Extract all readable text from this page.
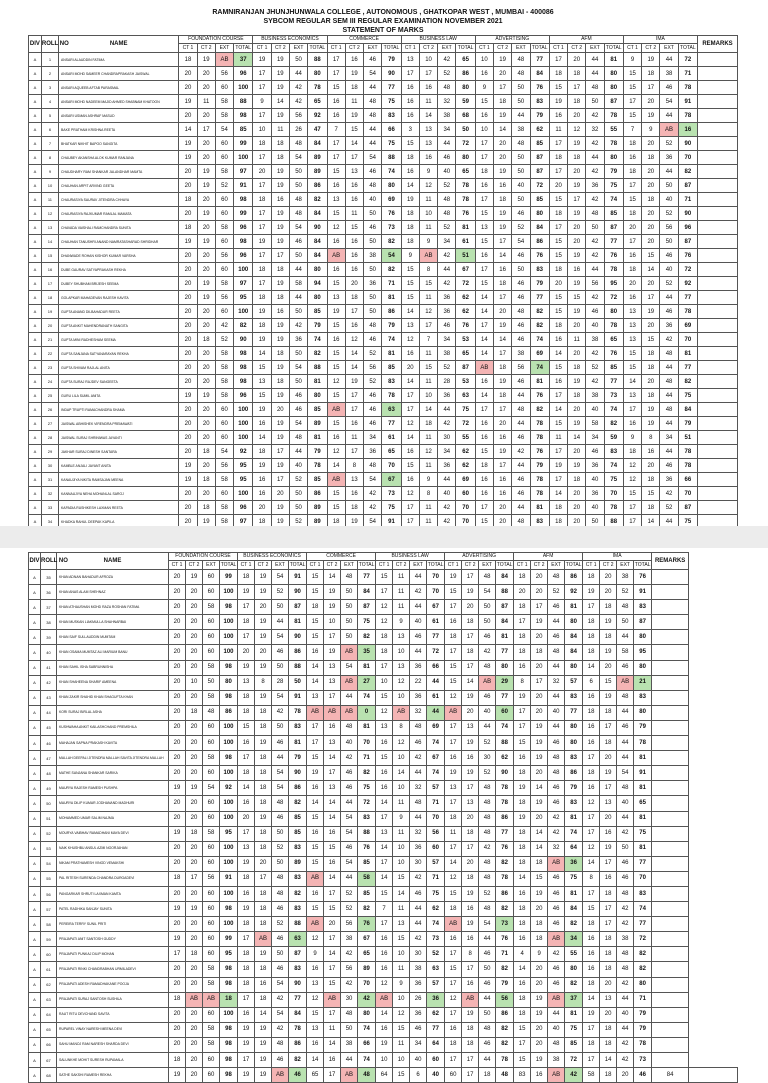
RAMNIRANJAN JHUNJHUNWALA COLLEGE , AUTONOMOUS , GHATKOPAR WEST , MUMBAI - 400086
SYBCOM REGULAR SEM III REGULAR EXAMINATION NOVEMBER 2021
STATEMENT OF MARKS
DIV	ROLL NO	NAME	FOUNDATION COURSE				BUSINESS ECONOMICS				COMMERCE				BUSINESS LAW				ADVERTISING				AFM				IMA				REMARKS
			CT 1	CT 2	EXT	TOTAL	CT 1	CT 2	EXT	TOTAL	CT 1	CT 2	EXT	TOTAL	CT 1	CT 2	EXT	TOTAL	CT 1	CT 2	EXT	TOTAL	CT 1	CT 2	EXT	TOTAL	CT 1	CT 2	EXT	TOTAL	
A	1	ANSARI ALAUDDIN FATIMA	18	19	AB	37	19	19	50	88	17	16	46	79	13	10	42	65	10	19	48	77	17	20	44	81	9	19	44	72	
A	2	ANSARI MOHD SAMEER CHANDRAPRAKASH JAISWAL	20	20	56	96	17	19	44	80	17	19	54	90	17	17	52	86	16	20	48	84	18	18	44	80	15	18	38	71	
A	3	ANSARI AQUEEB AFTAB PARASMAL	20	20	60	100	17	19	42	78	15	18	44	77	16	16	48	80	9	17	50	76	15	17	48	80	15	17	46	78	
A	4	ANSARI MOHD NADEEM MAJID AHMED SHABNAM KHATOON	19	11	58	88	9	14	42	65	16	11	48	75	16	11	32	59	15	18	50	83	19	18	50	87	17	20	54	91	
A	5	ANSARI USMAN ASHRAF MASUD	20	20	58	98	17	19	56	92	16	19	48	83	16	14	38	68	16	19	44	79	16	20	42	78	15	19	44	78	
A	6	BAKE PRATHAM KRISHNA REETA	14	17	54	85	10	11	26	47	7	15	44	66	3	13	34	50	10	14	38	62	11	12	32	55	7	9	AB	16	
A	7	BHATKAR NIKHIT BAPOO SANGITA	19	20	60	99	18	18	48	84	17	14	44	75	15	13	44	72	17	20	48	85	17	19	42	78	18	20	52	90	
A	8	CHAUBEY AKANSHA ALOK KUMAR RANJANA	19	20	60	100	17	18	54	89	17	17	54	88	18	16	46	80	17	20	50	87	18	18	44	80	16	18	36	70	
A	9	CHAUDHARY RAM SHANKAR JALANDHAR MAMTA	20	19	58	97	20	19	50	89	15	13	46	74	16	9	40	65	18	19	50	87	17	20	42	79	18	20	44	82	
A	10	CHAUHAN ARPIT ARVIND GEETA	20	19	52	91	17	19	50	86	16	16	48	80	14	12	52	78	16	16	40	72	20	19	36	75	17	20	50	87	
A	11	CHAURASIYA SAURAV JITENDRA CHHAYA	18	20	60	98	18	16	48	82	13	16	40	69	19	11	48	78	17	18	50	85	15	17	42	74	15	18	40	71	
A	12	CHAURASIYA RAJKUMAR RAMLAL MAMATA	20	19	60	99	17	19	48	84	15	11	50	76	18	10	48	76	15	19	46	80	18	19	48	85	18	20	52	90	
A	13	CHAVADA VAISHALI RAMCHANDRA SUNITA	18	20	58	96	17	19	54	90	12	15	46	73	18	11	52	81	13	19	52	84	17	20	50	87	20	20	56	96	
A	14	CHAUHAN TANUSHRI ANAND NAMRATASHARAD SHRIDHAR	19	19	60	98	19	19	46	84	16	16	50	82	18	9	34	61	15	17	54	86	15	20	42	77	17	20	50	87	
A	15	DHANWADE ROHAN KISHOR KUMAR VARSHA	20	20	56	96	17	17	50	84	AB	16	38	54	9	AB	42	51	16	14	46	76	15	19	42	76	16	15	46	76	
A	16	DUBE GAURAV SATYAPRAKASH REKHA	20	20	60	100	18	18	44	80	16	16	50	82	15	8	44	67	17	16	50	83	18	16	44	78	18	14	40	72	
A	17	DUBEY SHUBHAM BRIJESH SEEMA	20	19	58	97	17	19	58	94	15	20	36	71	15	15	42	72	15	18	46	79	20	19	56	95	20	20	52	92	
A	18	GOLAPKAR MAHADEVAN RAJESH KAVITA	20	19	56	95	18	18	44	80	13	18	50	81	15	11	36	62	14	17	46	77	15	15	42	72	16	17	44	77	
A	19	GUPTA ANAND DILBAHADUR REETA	20	20	60	100	19	16	50	85	19	17	50	86	14	12	36	62	14	20	48	82	15	19	46	80	13	19	46	78	
A	20	GUPTA ANKIT MAHENDRANATH SANGITA	20	20	42	82	18	19	42	79	15	16	48	79	13	17	46	76	17	19	46	82	18	20	40	78	13	20	36	69	
A	21	GUPTA MINI RADHESHAM SEEMA	20	18	52	90	19	19	36	74	16	12	46	74	12	7	34	53	14	14	46	74	16	11	38	65	13	15	42	70	
A	22	GUPTA SANJANA SATYANARAYAN REKHA	20	20	58	98	14	18	50	82	15	14	52	81	16	11	38	65	14	17	38	69	14	20	42	76	15	18	48	81	
A	23	GUPTA SHIVAM RAJLAL ANITA	20	20	58	98	15	19	54	88	15	14	56	85	20	15	52	87	AB	18	56	74	15	18	52	85	15	18	44	77	
A	24	GUPTA SURAJ RAJDEV SANGEETA	20	20	58	98	13	18	50	81	12	19	52	83	14	11	28	53	16	19	46	81	16	19	42	77	14	20	48	82	
A	25	GURU LILA SUMIL ANITA	19	19	58	96	15	19	46	80	15	17	46	78	17	10	36	63	14	18	44	76	17	18	38	73	13	18	44	75	
A	26	INDAP TRUPTI RAMACHANDRA SHAMA	20	20	60	100	19	20	46	85	AB	17	46	63	17	14	44	75	17	17	48	82	14	20	40	74	17	19	48	84	
A	27	JAISWAL ABHISHEK VIRENDRA PREMAWATI	20	20	60	100	16	19	54	89	15	16	46	77	12	18	42	72	16	20	44	78	15	19	58	82	16	19	44	79	
A	28	JAISWAL SURAJ SHRINIWAS JAYANTI	20	20	60	100	14	19	48	81	16	11	34	61	14	11	30	55	16	16	46	78	11	14	34	59	9	8	34	51	
A	29	JAKHAR SURAJ DINESH SANTARA	20	18	54	92	18	17	44	79	12	17	36	65	16	12	34	62	15	19	42	76	17	20	46	83	18	16	44	78	
A	30	KAMBLE ANJALI JAYANT ANITA	19	20	56	95	19	19	40	78	14	8	48	70	15	11	36	62	18	17	44	79	19	19	36	74	12	20	46	78	
A	31	KANAUJIYA NIKITA RAMSAJAN MEENA	19	18	58	95	16	17	52	85	AB	13	54	67	16	9	44	69	16	16	46	78	17	18	40	75	12	18	36	66	
A	32	KANNAUJIYA NEHA MOHANLAL SAROJ	20	20	60	100	16	20	50	86	15	16	42	73	12	8	40	60	16	16	46	78	14	20	36	70	15	15	42	70	
A	33	KAPADIA RUSHIKESH LAXMAN REETA	20	18	58	96	20	19	50	89	15	18	42	75	17	11	42	70	17	20	44	81	18	20	40	78	17	18	52	87	
A	34	KHADKA RAHUL DEEPAK KAPILA	20	19	58	97	18	19	52	89	18	19	54	91	17	11	42	70	15	20	48	83	18	20	50	88	17	14	44	75	
DIV	ROLL NO	NAME	FOUNDATION COURSE				BUSINESS ECONOMICS				COMMERCE				BUSINESS LAW				ADVERTISING				AFM				IMA				REMARKS	
			CT 1	CT 2	EXT	TOTAL	CT 1	CT 2	EXT	TOTAL	CT 1	CT 2	EXT	TOTAL	CT 1	CT 2	EXT	TOTAL	CT 1	CT 2	EXT	TOTAL	CT 1	CT 2	EXT	TOTAL	CT 1	CT 2	EXT	TOTAL		
A	35	KHAN ADNAN BAHADUR AFROZA	20	19	60	99	18	19	54	91	15	14	48	77	15	11	44	70	19	17	48	84	18	20	48	86	18	20	38	76		
A	36	KHAN ANAS ALAM SHEHNAZ	20	20	60	100	19	19	52	90	15	19	50	84	17	11	42	70	15	19	54	88	20	20	52	92	19	20	52	91		
A	37	KHAN ATHAUSHAN MOHD RAZA ROSHAN FATIMA	20	20	58	98	17	20	50	87	18	19	50	87	12	11	44	67	17	20	50	87	18	17	46	81	17	18	48	83		
A	38	KHAN MUSKAN LIAKMULLA SHAHNARBAI	20	20	60	100	18	19	44	81	15	10	50	75	12	9	40	61	16	18	50	84	17	19	44	80	18	19	50	87		
A	39	KHAN SAIF SULLAUDDIN MUMTAM	20	20	60	100	17	19	54	90	15	17	50	82	18	13	46	77	18	17	46	81	18	20	46	84	18	18	44	80		
A	40	KHAN OSAMA MUMTAZ ALI MARIUM BANU	20	20	60	100	20	20	46	86	16	19	AB	35	18	10	44	72	17	18	42	77	18	18	48	84	18	19	58	95		
A	41	KHAN SAHIL ISHA SABRUNNISHA	20	20	58	98	19	19	50	88	14	13	54	81	17	13	36	66	15	17	48	80	16	20	44	80	14	20	46	80		
A	42	KHAN SHAHEENA SHARIF AMEENA	20	10	50	80	13	8	28	50	14	13	AB	27	10	12	22	44	15	14	AB	29	8	17	32	57	6	15	AB	21		
A	43	KHAN ZAKIR SHAHID KHAN SHAGUFTA KHAN	20	20	58	98	18	19	54	91	13	17	44	74	15	10	36	61	12	19	46	77	19	20	44	83	16	19	48	83		
A	44	KORI SURAJ BIRLAL ASHA	20	18	48	86	18	18	42	78	AB	AB	AB	0	12	AB	32	44	AB	20	40	60	17	20	40	77	18	18	44	80		
A	45	KUSHWAHA ANKIT KAILASHCHAND PREMSHILA	20	20	60	100	15	18	50	83	17	16	48	81	13	8	48	69	17	13	44	74	17	19	44	80	16	17	46	79		
A	46	MAHAJAN SAPNA PRAKASH KAVITA	20	20	60	100	16	19	46	81	17	13	40	70	16	12	46	74	17	19	52	88	15	19	46	80	16	18	44	78		
A	47	MALLAH DEEPALI JITENDRA MALLAH SAVITA JITENDRA MALLAH	20	20	58	98	17	18	44	79	15	14	42	71	15	10	42	67	16	16	30	62	16	19	48	83	17	20	44	81		
A	48	MATHE SANJANA SHANKAR SARIKA	20	20	60	100	18	18	54	90	19	17	46	82	16	14	44	74	19	19	52	90	18	20	48	86	18	19	54	91		
A	49	MAURYA RAJESH RAMESH PUSHPA	19	19	54	92	14	18	54	86	16	13	46	75	16	10	32	57	13	17	48	78	19	14	46	79	16	17	48	81		
A	50	MAURYA DILIP KUMAR JODHANAND MADHURI	20	20	60	100	16	18	48	82	14	14	44	72	14	11	48	71	17	13	48	78	18	19	46	83	12	13	40	65		
A	51	MOHAMMED UMAR SALIM NAJMA	20	20	60	100	20	19	46	85	15	14	54	83	17	9	44	70	18	20	48	86	19	20	42	81	17	20	44	81		
A	52	MOURYA VAIBHAV RAMADHANI MAYA DEVI	19	18	58	95	17	18	50	85	16	16	54	88	13	11	32	56	11	18	48	77	18	14	42	74	17	16	42	75		
A	53	NAIK KHUSHBU ANSUL AZMI NOORJAHAN	20	20	60	100	13	18	52	83	15	15	46	76	14	10	36	60	17	17	42	76	18	14	32	64	12	19	50	81		
A	54	NIKAM PRATHAMESH VINOD VEMAKSHI	20	20	60	100	19	20	50	89	15	16	54	85	17	10	30	57	14	20	48	82	18	18	AB	36	14	17	46	77		
A	55	PAL RITESH SURENDA CHANDRA DURGADEVI	18	17	56	91	18	17	48	83	AB	14	44	58	14	15	42	71	12	18	48	78	14	15	46	75	8	16	46	70		
A	56	PANGARKAR SHRUTI LAXMAN KAMTA	20	20	60	100	16	18	48	82	16	17	52	85	15	14	46	75	15	19	52	86	16	19	46	81	17	18	48	83		
A	57	PATEL RADHIKA SANJAY SUNITA	19	19	60	98	19	18	46	83	15	15	52	82	7	11	44	62	18	16	48	82	18	20	46	84	15	17	42	74		
A	58	PEREIRA TERRY SUNIL PRITI	20	20	60	100	18	18	52	88	AB	20	56	76	17	13	44	74	AB	19	54	73	18	18	46	82	18	17	42	77		
A	59	PRAJAPATI ANIT SANTOSH GUDDY	19	20	60	99	17	AB	46	63	12	17	38	67	16	15	42	73	16	16	44	76	16	18	AB	34	16	18	38	72		
A	60	PRAJAPATI PUNKAJ DILIP MOHAN	17	18	60	95	18	19	50	87	9	14	42	65	16	10	30	52	17	8	46	71	4	9	42	55	16	18	48	82		
A	61	PRAJAPATI RINKI CHANDRABHAN URMILADEVI	20	20	58	98	18	18	46	83	16	17	56	89	16	11	38	63	15	17	50	82	14	20	46	80	16	18	48	82		
A	62	PRAJAPATI ADESH RAMADHAKANE POOJA	20	20	58	98	18	16	54	90	13	15	42	70	12	9	36	57	17	16	46	79	16	20	46	82	18	20	42	80		
A	63	PRAJAPATI SURAJ SANTOSH SUSHILA	18	AB	AB	18	17	18	42	77	12	AB	30	42	AB	10	26	36	12	AB	44	56	18	19	AB	37	14	13	44	71		
A	64	RAUT RITU DEVCHAND SAVITA	20	20	60	100	16	14	54	84	15	17	48	80	14	12	36	62	17	19	50	86	18	19	44	81	19	20	40	79		
A	65	RUPAREL VINAY NARESH MEENA DEVI	20	20	58	98	19	19	42	78	13	11	50	74	16	15	46	77	16	18	48	82	15	20	40	75	17	18	44	79		
A	66	SAHU MANOJ RAM NARESH SHARDA DEVI	20	20	58	98	19	19	48	86	16	14	38	66	19	11	34	64	18	18	46	82	17	20	48	85	18	18	42	78		
A	67	SALUNKHE MOHIT SURESH RUPAMALA	18	20	60	98	17	19	46	82	14	16	44	74	10	10	40	60	17	17	44	78	15	19	38	72	17	14	42	73		
A	68	SATHE SAKSHI RAMESH REKHA	19	20	60	98	19	19	AB	46	65	17	AB	48	64	15	6	40	60	17	18	48	83	16	AB	42	58	18	20	46	84	
